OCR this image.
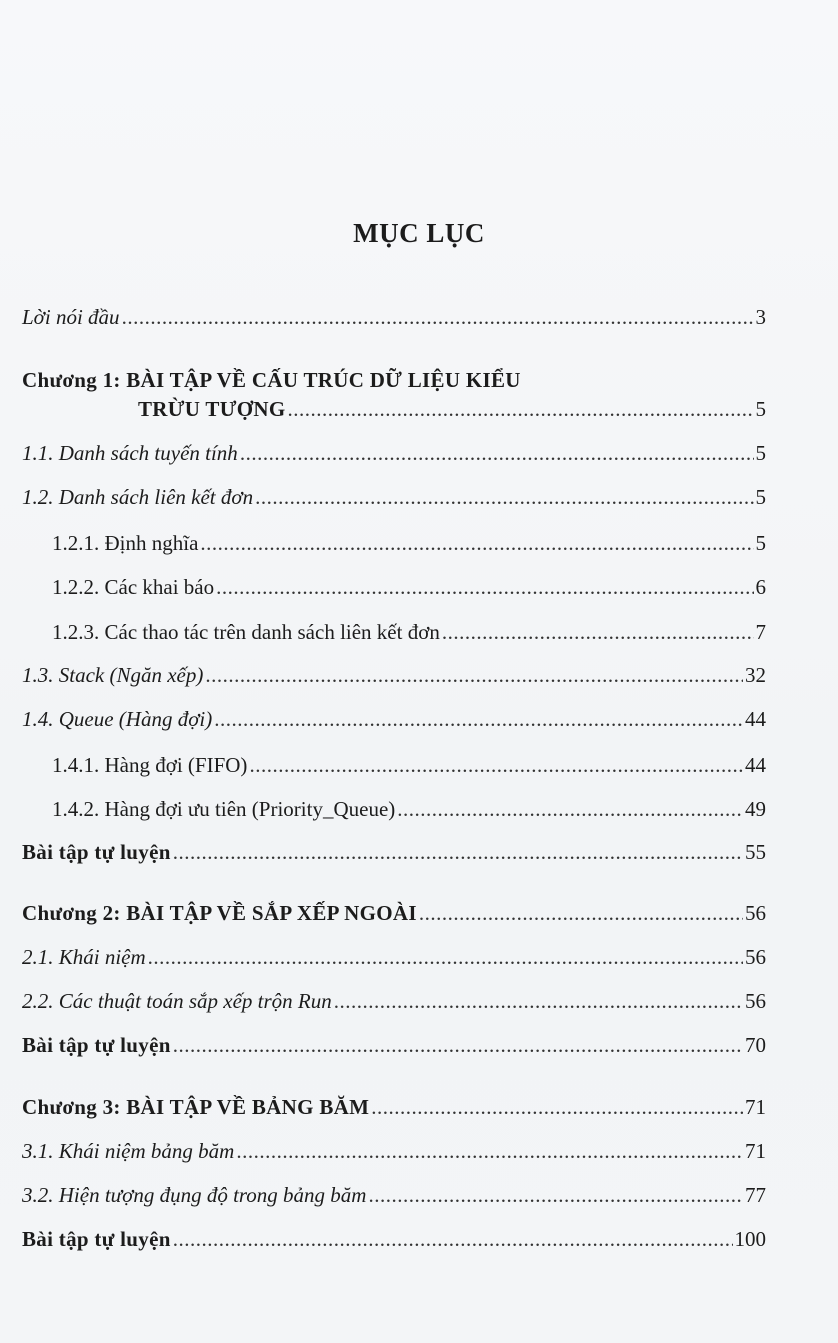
MỤC LỤC
Lời nói đầu .....	3
Chương 1: BÀI TẬP VỀ CẤU TRÚC DỮ LIỆU KIỂU
TRỪU TƯỢNG .....	5
1.1. Danh sách tuyến tính .....	5
1.2. Danh sách liên kết đơn .....	5
1.2.1. Định nghĩa .....	5
1.2.2. Các khai báo .....	6
1.2.3. Các thao tác trên danh sách liên kết đơn .....	7
1.3. Stack (Ngăn xếp) .....	32
1.4. Queue (Hàng đợi) .....	44
1.4.1. Hàng đợi (FIFO) .....	44
1.4.2. Hàng đợi ưu tiên (Priority_Queue) .....	49
Bài tập tự luyện .....	55
Chương 2: BÀI TẬP VỀ SẮP XẾP NGOÀI .....	56
2.1. Khái niệm .....	56
2.2. Các thuật toán sắp xếp trộn Run .....	56
Bài tập tự luyện .....	70
Chương 3: BÀI TẬP VỀ BẢNG BĂM .....	71
3.1. Khái niệm bảng băm .....	71
3.2. Hiện tượng đụng độ trong bảng băm .....	77
Bài tập tự luyện .....	100
